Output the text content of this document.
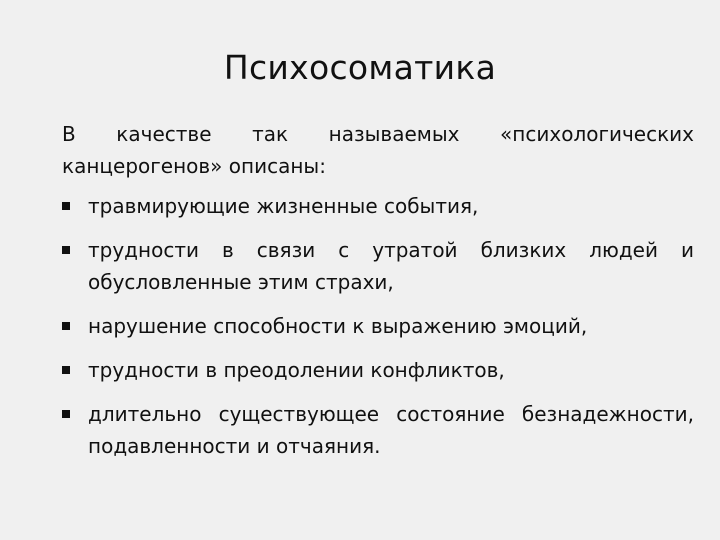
Психосоматика

В качестве так называемых «психологических канцерогенов» описаны:

травмирующие жизненные события,
трудности в связи с утратой близких людей и обусловленные этим страхи,
нарушение способности к выражению эмоций,
трудности в преодолении конфликтов,
длительно существующее состояние безнадежности, подавленности и отчаяния.
